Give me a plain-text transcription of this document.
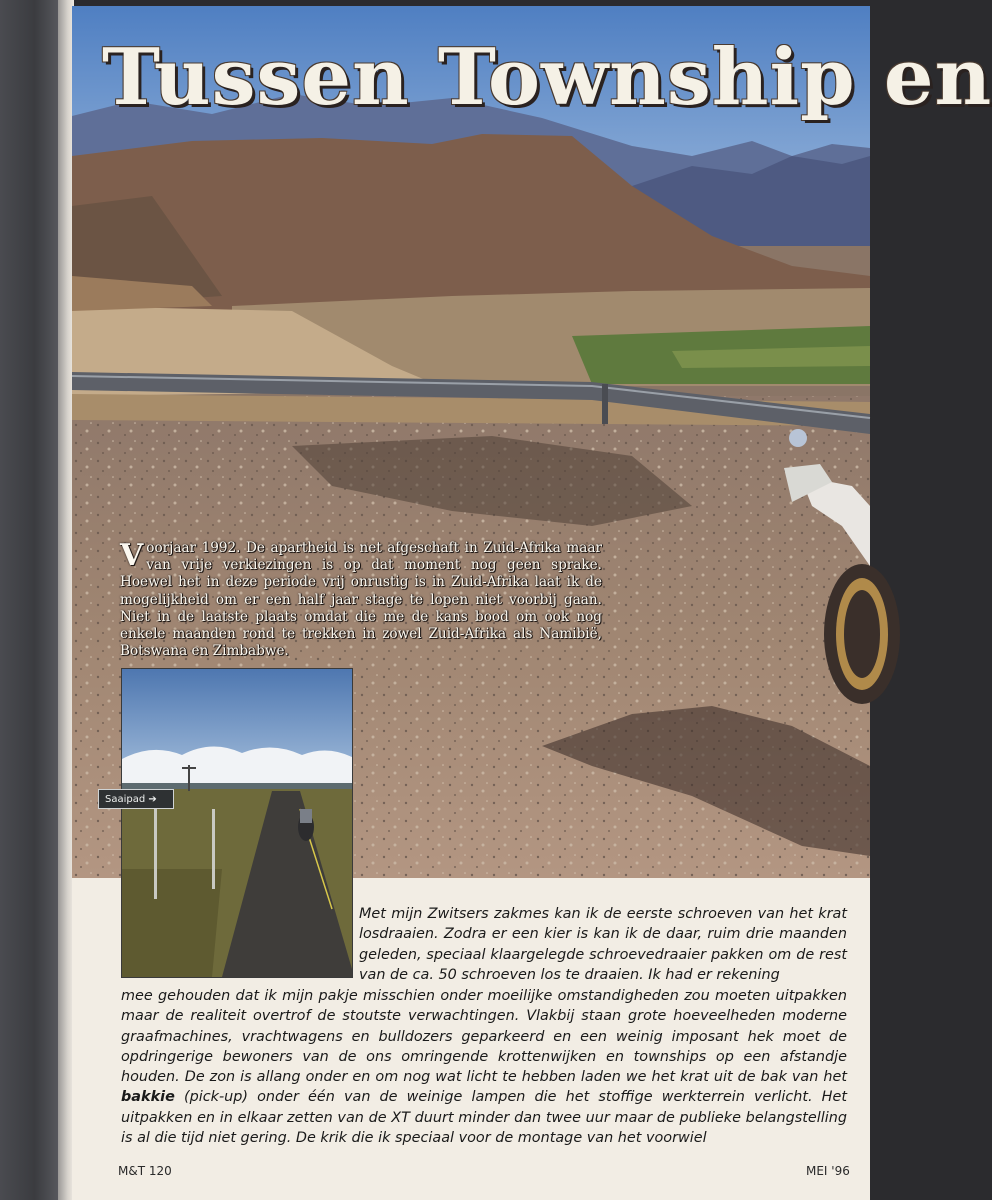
Tussen Township en

Voorjaar 1992. De apartheid is net afgeschaft in Zuid-Afrika maar van vrije verkiezingen is op dat moment nog geen sprake. Hoewel het in deze periode vrij onrustig is in Zuid-Afrika laat ik de mogelijkheid om er een half jaar stage te lopen niet voorbij gaan. Niet in de laatste plaats omdat die me de kans bood om ook nog enkele maanden rond te trekken in zowel Zuid-Afrika als Namibië, Botswana en Zimbabwe.

Saaipad ➔

Met mijn Zwitsers zakmes kan ik de eerste schroeven van het krat losdraaien. Zodra er een kier is kan ik de daar, ruim drie maanden geleden, speciaal klaargelegde schroevedraaier pakken om de rest van de ca. 50 schroeven los te draaien. Ik had er rekening

mee gehouden dat ik mijn pakje misschien onder moeilijke omstandigheden zou moeten uitpakken maar de realiteit overtrof de stoutste verwachtingen. Vlakbij staan grote hoeveelheden moderne graafmachines, vrachtwagens en bulldozers geparkeerd en een weinig imposant hek moet de opdringerige bewoners van de ons omringende krottenwijken en townships op een afstandje houden. De zon is allang onder en om nog wat licht te hebben laden we het krat uit de bak van het bakkie (pick-up) onder één van de weinige lampen die het stoffige werkterrein verlicht. Het uitpakken en in elkaar zetten van de XT duurt minder dan twee uur maar de publieke belangstelling is al die tijd niet gering. De krik die ik speciaal voor de montage van het voorwiel

M&T 120	MEI '96
